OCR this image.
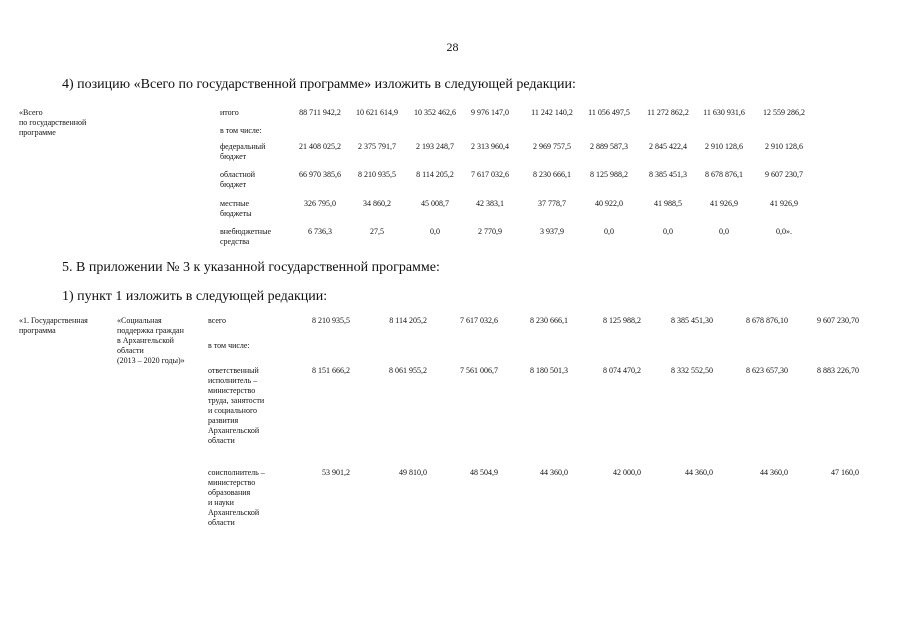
28
4) позицию «Всего по государственной программе» изложить в следующей редакции:
«Всего
по государственной
программе
итого	88 711 942,2	10 621 614,9	10 352 462,6	9 976 147,0	11 242 140,2	11 056 497,5	11 272 862,2	11 630 931,6	12 559 286,2
в том числе:
федеральный
бюджет
21 408 025,2	2 375 791,7	2 193 248,7	2 313 960,4	2 969 757,5	2 889 587,3	2 845 422,4	2 910 128,6	2 910 128,6
областной
бюджет
66 970 385,6	8 210 935,5	8 114 205,2	7 617 032,6	8 230 666,1	8 125 988,2	8 385 451,3	8 678 876,1	9 607 230,7
местные
бюджеты
326 795,0	34 860,2	45 008,7	42 383,1	37 778,7	40 922,0	41 988,5	41 926,9	41 926,9
внебюджетные
средства
6 736,3	27,5	0,0	2 770,9	3 937,9	0,0	0,0	0,0	0,0».
5. В приложении № 3 к указанной государственной программе:
1) пункт 1 изложить в следующей редакции:
«1. Государственная
программа
«Социальная
поддержка граждан
в Архангельской
области
(2013 – 2020 годы)»
всего	8 210 935,5	8 114 205,2	7 617 032,6	8 230 666,1	8 125 988,2	8 385 451,30	8 678 876,10	9 607 230,70
в том числе:
ответственный
исполнитель –
министерство
труда, занятости
и социального
развития
Архангельской
области
8 151 666,2	8 061 955,2	7 561 006,7	8 180 501,3	8 074 470,2	8 332 552,50	8 623 657,30	8 883 226,70
соисполнитель –
министерство
образования
и науки
Архангельской
области
53 901,2	49 810,0	48 504,9	44 360,0	42 000,0	44 360,0	44 360,0	47 160,0
